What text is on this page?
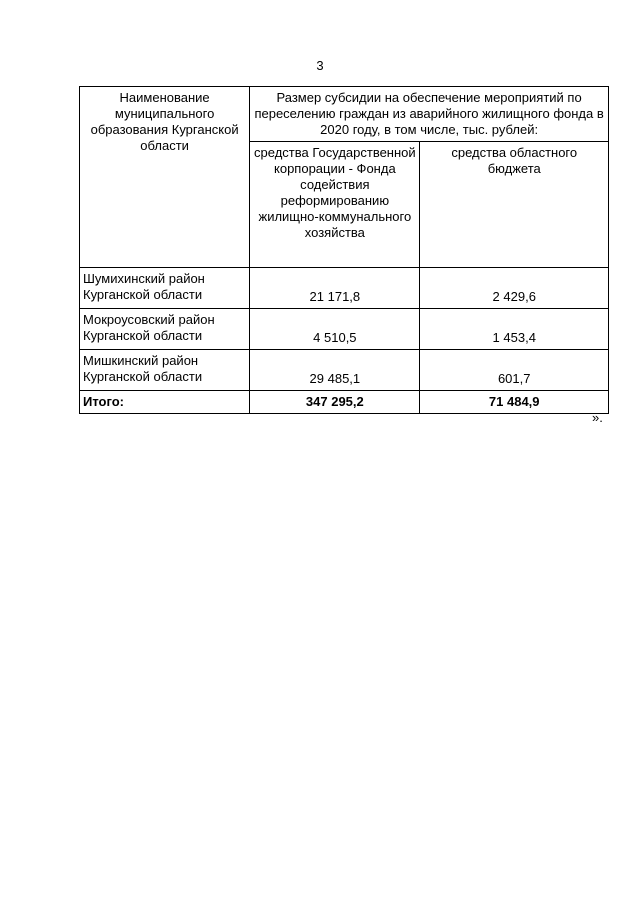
3
Наименование муниципального образования Курганской области	Размер субсидии на обеспечение мероприятий по переселению граждан из аварийного жилищного фонда в 2020 году, в том числе, тыс. рублей:	
	средства Государственной корпорации - Фонда содействия реформированию жилищно-коммунального хозяйства	средства областного бюджета
Шумихинский район Курганской области	21 171,8	2 429,6
Мокроусовский район Курганской области	4 510,5	1 453,4
Мишкинский район Курганской области	29 485,1	601,7
Итого:	347 295,2	71 484,9
».
